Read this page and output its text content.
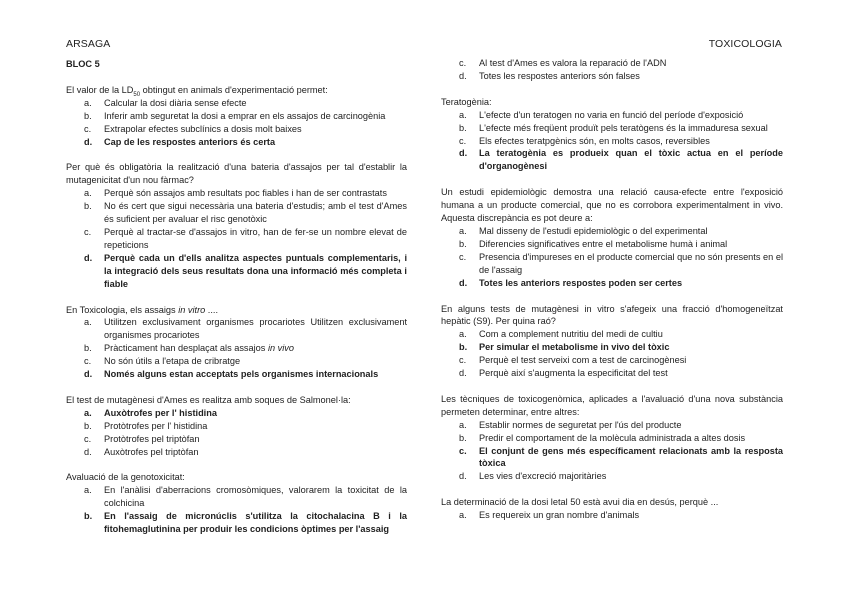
ARSAGA	TOXICOLOGIA
BLOC 5
El valor de la $LD_{50}$ obtingut en animals d'experimentació permet:
a.	Calcular la dosi diària sense efecte
b.	Inferir amb seguretat la dosi a emprar en els assajos de carcinogènia
c.	Extrapolar efectes subclínics a dosis molt baixes
d.	Cap de les respostes anteriors és certa
Per què és obligatòria la realització d'una bateria d'assajos per tal d'establir la mutagenicitat d'un nou fàrmac?
a.	Perquè són assajos amb resultats poc fiables i han de ser contrastats
b.	No és cert que sigui necessària una bateria d'estudis; amb el test d'Ames és suficient per avaluar el risc genotòxic
c.	Perquè al tractar-se d'assajos in vitro, han de fer-se un nombre elevat de repeticions
d.	Perquè cada un d'ells analitza aspectes puntuals complementaris, i la integració dels seus resultats dona una informació més completa i fiable
En Toxicologia, els assaigs in vitro ....
a.	Utilitzen exclusivament organismes procariotes Utilitzen exclusivament organismes procariotes
b.	Pràcticament han desplaçat als assajos in vivo
c.	No són útils a l'etapa de cribratge
d.	Només alguns estan acceptats pels organismes internacionals
El test de mutagènesi d'Ames es realitza amb soques de Salmonel·la:
a.	Auxòtrofes per l' histidina
b.	Protòtrofes per l' histidina
c.	Protòtrofes pel triptòfan
d.	Auxòtrofes pel triptòfan
Avaluació de la genotoxicitat:
a.	En l'anàlisi d'aberracions cromosòmiques, valorarem la toxicitat de la colchicina
b.	En l'assaig de micronúclis s'utilitza la citochalacina B i la fitohemaglutinina per produir les condicions òptimes per l'assaig
c.	Al test d'Ames es valora la reparació de l'ADN
d.	Totes les respostes anteriors són falses
Teratogènia:
a.	L'efecte d'un teratogen no varia en funció del període d'exposició
b.	L'efecte més freqüent produït pels teratògens és la immaduresa sexual
c.	Els efectes teratpgènics són, en molts casos, reversibles
d.	La teratogènia es produeix quan el tòxic actua en el període d'organogènesi
Un estudi epidemiològic demostra una relació causa-efecte entre l'exposició humana a un producte comercial, que no es corrobora experimentalment in vivo. Aquesta discrepància es pot deure a:
a.	Mal disseny de l'estudi epidemiològic o del experimental
b.	Diferencies significatives entre el metabolisme humà i animal
c.	Presencia d'impureses en el producte comercial que no són presents en el de l'assaig
d.	Totes les anteriors respostes poden ser certes
En alguns tests de mutagènesi in vitro s'afegeix una fracció d'homogeneïtzat hepàtic (S9). Per quina raó?
a.	Com a complement nutritiu del medi de cultiu
b.	Per simular el metabolisme in vivo del tòxic
c.	Perquè el test serveixi com a test de carcinogènesi
d.	Perquè així s'augmenta la especificitat del test
Les tècniques de toxicogenòmica, aplicades a l'avaluació d'una nova substància permeten determinar, entre altres:
a.	Establir normes de seguretat per l'ús del producte
b.	Predir el comportament de la molècula administrada a altes dosis
c.	El conjunt de gens més específicament relacionats amb la resposta tòxica
d.	Les vies d'excreció majoritàries
La determinació de la dosi letal 50 està avui dia en desús, perquè ...
a.	Es requereix un gran nombre d'animals
